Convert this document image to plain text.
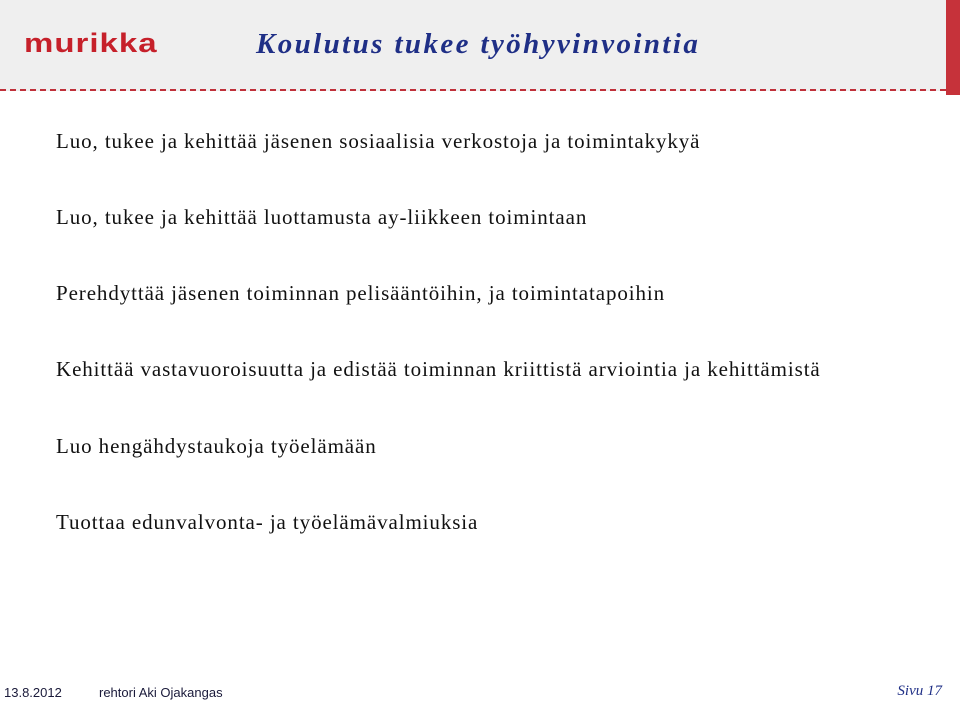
murikka	Koulutus tukee työhyvinvointia
Luo, tukee ja kehittää jäsenen sosiaalisia verkostoja ja toimintakykyä
Luo, tukee ja kehittää luottamusta ay-liikkeen toimintaan
Perehdyttää jäsenen toiminnan pelisääntöihin, ja toimintatapoihin
Kehittää vastavuoroisuutta ja edistää toiminnan kriittistä arviointia ja kehittämistä
Luo hengähdystaukoja työelämään
Tuottaa edunvalvonta- ja työelämävalmiuksia
13.8.2012	rehtori Aki Ojakangas	Sivu 17
